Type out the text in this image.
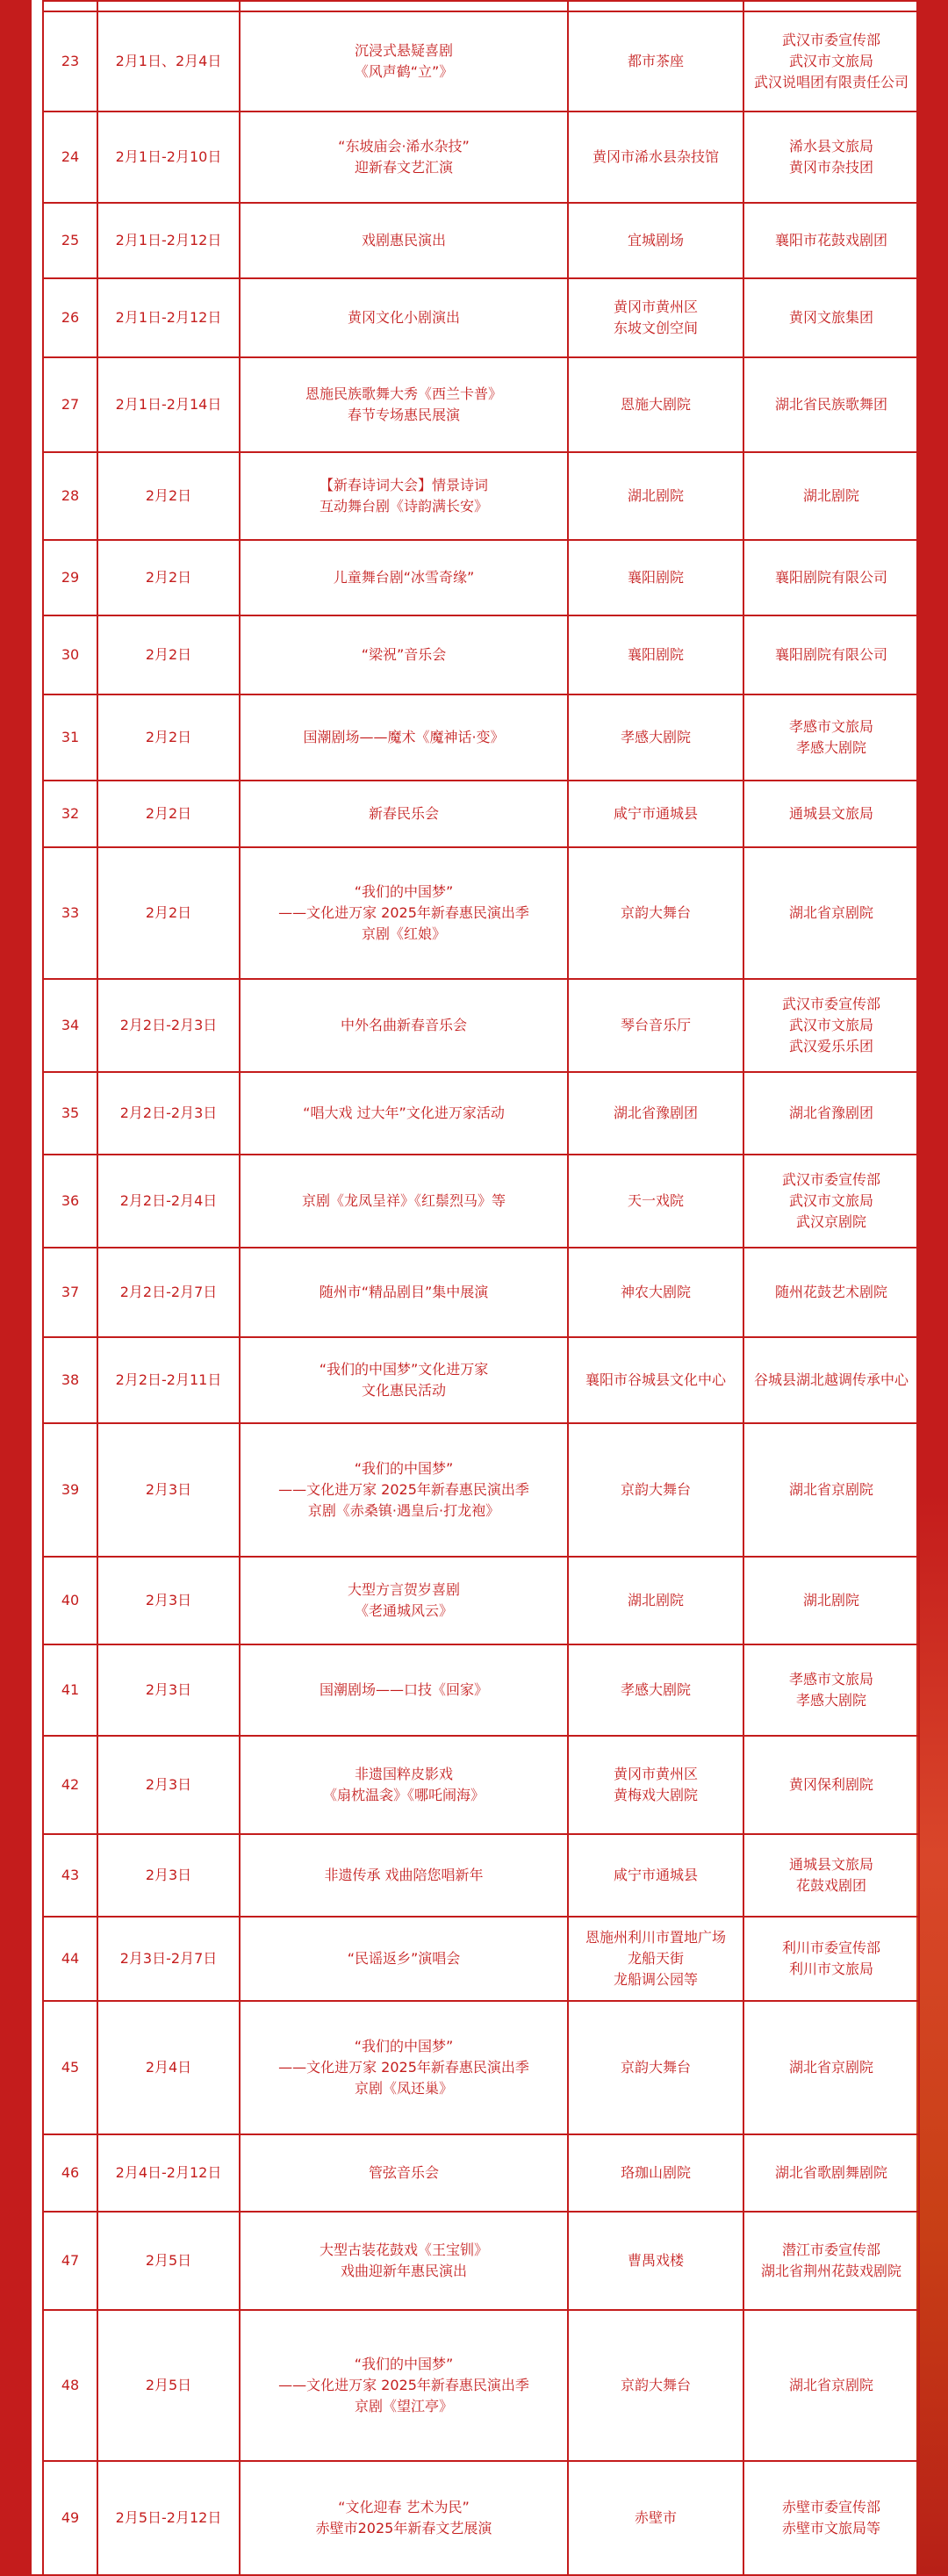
23	2月1日、2月4日	沉浸式悬疑喜剧
《风声鹤“立”》	都市茶座	武汉市委宣传部
武汉市文旅局
武汉说唱团有限责任公司
24	2月1日-2月10日	“东坡庙会·浠水杂技”
迎新春文艺汇演	黄冈市浠水县杂技馆	浠水县文旅局
黄冈市杂技团
25	2月1日-2月12日	戏剧惠民演出	宜城剧场	襄阳市花鼓戏剧团
26	2月1日-2月12日	黄冈文化小剧演出	黄冈市黄州区
东坡文创空间	黄冈文旅集团
27	2月1日-2月14日	恩施民族歌舞大秀《西兰卡普》
春节专场惠民展演	恩施大剧院	湖北省民族歌舞团
28	2月2日	【新春诗词大会】情景诗词
互动舞台剧《诗韵满长安》	湖北剧院	湖北剧院
29	2月2日	儿童舞台剧“冰雪奇缘”	襄阳剧院	襄阳剧院有限公司
30	2月2日	“梁祝”音乐会	襄阳剧院	襄阳剧院有限公司
31	2月2日	国潮剧场——魔术《魔神话·变》	孝感大剧院	孝感市文旅局
孝感大剧院
32	2月2日	新春民乐会	咸宁市通城县	通城县文旅局
33	2月2日	“我们的中国梦”
——文化进万家 2025年新春惠民演出季
京剧《红娘》	京韵大舞台	湖北省京剧院
34	2月2日-2月3日	中外名曲新春音乐会	琴台音乐厅	武汉市委宣传部
武汉市文旅局
武汉爱乐乐团
35	2月2日-2月3日	“唱大戏 过大年”文化进万家活动	湖北省豫剧团	湖北省豫剧团
36	2月2日-2月4日	京剧《龙凤呈祥》《红鬃烈马》等	天一戏院	武汉市委宣传部
武汉市文旅局
武汉京剧院
37	2月2日-2月7日	随州市“精品剧目”集中展演	神农大剧院	随州花鼓艺术剧院
38	2月2日-2月11日	“我们的中国梦”文化进万家
文化惠民活动	襄阳市谷城县文化中心	谷城县湖北越调传承中心
39	2月3日	“我们的中国梦”
——文化进万家 2025年新春惠民演出季
京剧《赤桑镇·遇皇后·打龙袍》	京韵大舞台	湖北省京剧院
40	2月3日	大型方言贺岁喜剧
《老通城风云》	湖北剧院	湖北剧院
41	2月3日	国潮剧场——口技《回家》	孝感大剧院	孝感市文旅局
孝感大剧院
42	2月3日	非遗国粹皮影戏
《扇枕温衾》《哪吒闹海》	黄冈市黄州区
黄梅戏大剧院	黄冈保利剧院
43	2月3日	非遗传承 戏曲陪您唱新年	咸宁市通城县	通城县文旅局
花鼓戏剧团
44	2月3日-2月7日	“民谣返乡”演唱会	恩施州利川市置地广场
龙船天街
龙船调公园等	利川市委宣传部
利川市文旅局
45	2月4日	“我们的中国梦”
——文化进万家 2025年新春惠民演出季
京剧《凤还巢》	京韵大舞台	湖北省京剧院
46	2月4日-2月12日	管弦音乐会	珞珈山剧院	湖北省歌剧舞剧院
47	2月5日	大型古装花鼓戏《王宝钏》
戏曲迎新年惠民演出	曹禺戏楼	潜江市委宣传部
湖北省荆州花鼓戏剧院
48	2月5日	“我们的中国梦”
——文化进万家 2025年新春惠民演出季
京剧《望江亭》	京韵大舞台	湖北省京剧院
49	2月5日-2月12日	“文化迎春 艺术为民”
赤壁市2025年新春文艺展演	赤壁市	赤壁市委宣传部
赤壁市文旅局等
